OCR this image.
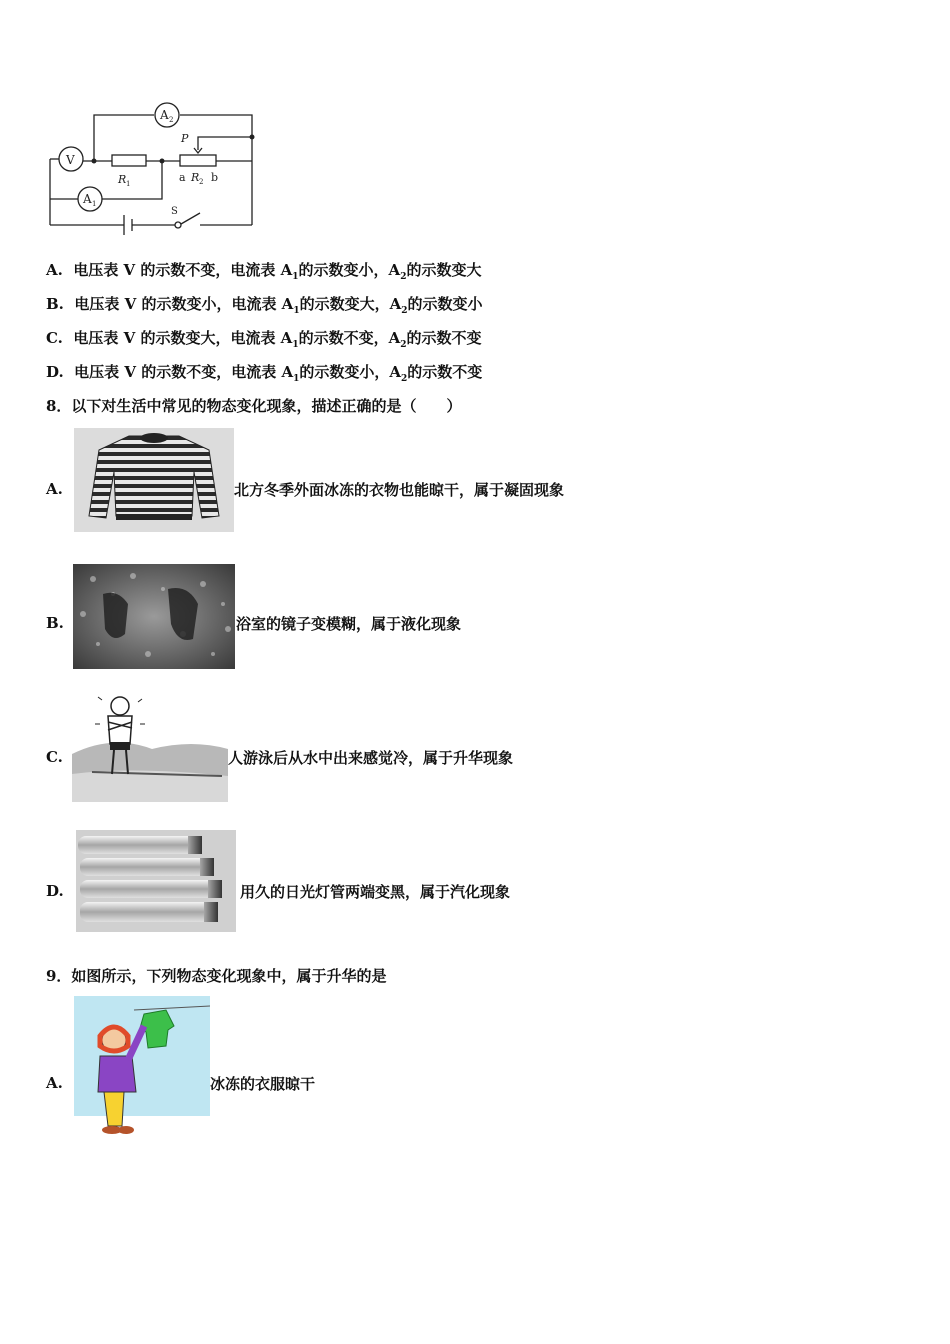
V
A 2
A 1
R 1	a R 2 b
P
S
A. 电压表 V 的示数不变，电流表 $A_1$的示数变小，$A_2$的示数变大
B. 电压表 V 的示数变小，电流表 $A_1$的示数变大，$A_2$的示数变小
C. 电压表 V 的示数变大，电流表 $A_1$的示数不变，$A_2$的示数不变
D. 电压表 V 的示数不变，电流表 $A_1$的示数变小，$A_2$的示数不变
8．以下对生活中常见的物态变化现象，描述正确的是（　　）
A.	北方冬季外面冰冻的衣物也能晾干，属于凝固现象
B.	浴室的镜子变模糊，属于液化现象
C.	人游泳后从水中出来感觉冷，属于升华现象
D.	用久的日光灯管两端变黑，属于汽化现象
9．如图所示，下列物态变化现象中，属于升华的是
A.	冰冻的衣服晾干
